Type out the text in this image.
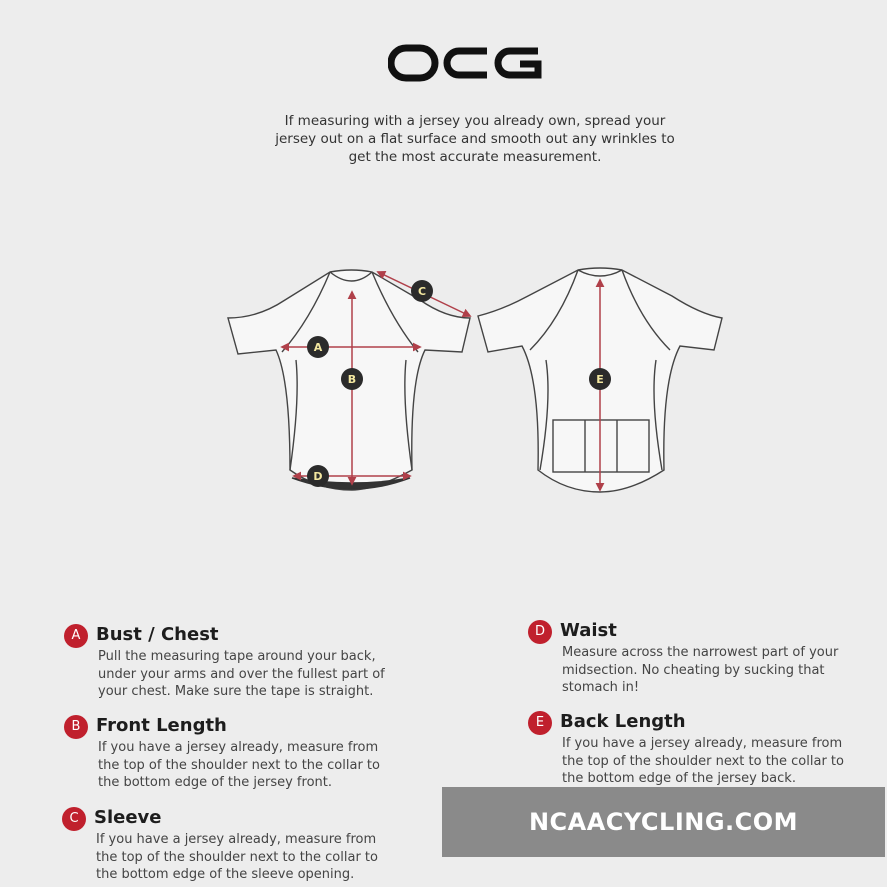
If measuring with a jersey you already own, spread your
jersey out on a flat surface and smooth out any wrinkles to
get the most accurate measurement.
A
B
C
D
E
A Bust / Chest
Pull the measuring tape around your back,
under your arms and over the fullest part of
your chest. Make sure the tape is straight.
B Front Length
If you have a jersey already, measure from
the top of the shoulder next to the collar to
the bottom edge of the jersey front.
C Sleeve
If you have a jersey already, measure from
the top of the shoulder next to the collar to
the bottom edge of the sleeve opening.
D Waist
Measure across the narrowest part of your
midsection. No cheating by sucking that
stomach in!
E Back Length
If you have a jersey already, measure from
the top of the shoulder next to the collar to
the bottom edge of the jersey back.
NCAACYCLING.COM
